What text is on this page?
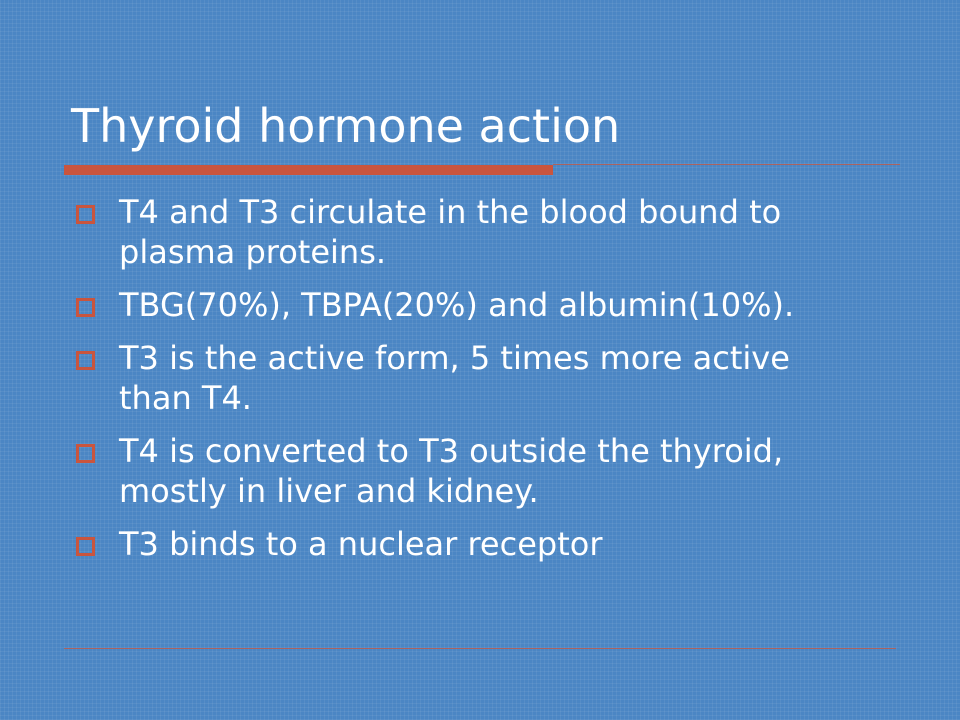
Thyroid hormone action
T4 and T3 circulate in the blood bound to plasma proteins.
TBG(70%), TBPA(20%) and albumin(10%).
T3 is the active form, 5 times more active than T4.
T4 is converted to T3 outside the thyroid, mostly in liver and kidney.
T3 binds to a nuclear receptor
